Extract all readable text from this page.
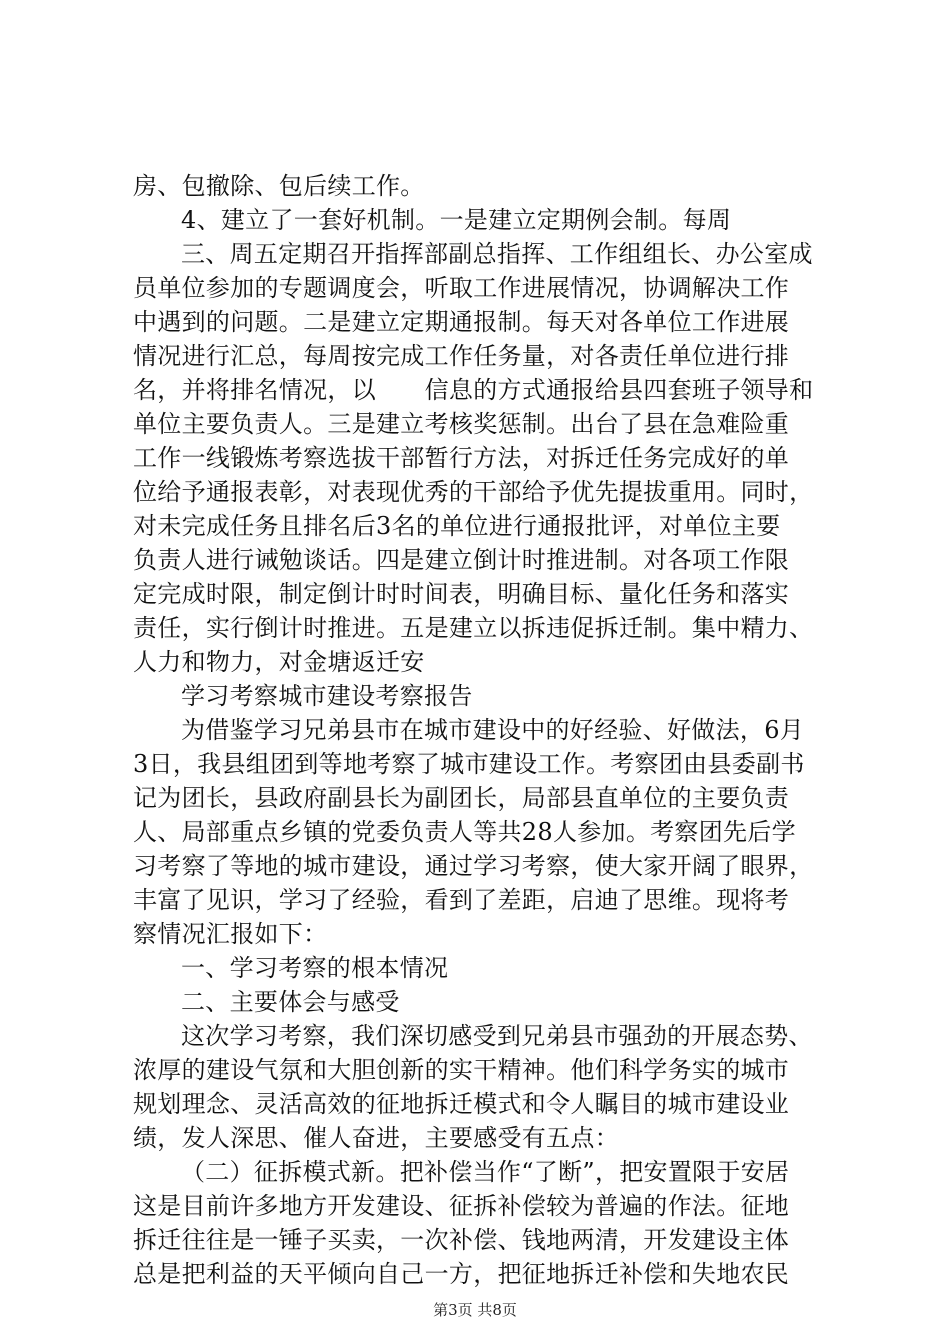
房、包撤除、包后续工作。
4、建立了一套好机制。一是建立定期例会制。每周
三、周五定期召开指挥部副总指挥、工作组组长、办公室成
员单位参加的专题调度会，听取工作进展情况，协调解决工作
中遇到的问题。二是建立定期通报制。每天对各单位工作进展
情况进行汇总，每周按完成工作任务量，对各责任单位进行排
名，并将排名情况，以　　信息的方式通报给县四套班子领导和
单位主要负责人。三是建立考核奖惩制。出台了县在急难险重
工作一线锻炼考察选拔干部暂行方法，对拆迁任务完成好的单
位给予通报表彰，对表现优秀的干部给予优先提拔重用。同时，
对未完成任务且排名后3名的单位进行通报批评，对单位主要
负责人进行诫勉谈话。四是建立倒计时推进制。对各项工作限
定完成时限，制定倒计时时间表，明确目标、量化任务和落实
责任，实行倒计时推进。五是建立以拆违促拆迁制。集中精力、
人力和物力，对金塘返迁安
学习考察城市建设考察报告
为借鉴学习兄弟县市在城市建设中的好经验、好做法，6月
3日，我县组团到等地考察了城市建设工作。考察团由县委副书
记为团长，县政府副县长为副团长，局部县直单位的主要负责
人、局部重点乡镇的党委负责人等共28人参加。考察团先后学
习考察了等地的城市建设，通过学习考察，使大家开阔了眼界，
丰富了见识，学习了经验，看到了差距，启迪了思维。现将考
察情况汇报如下：
一、学习考察的根本情况
二、主要体会与感受
这次学习考察，我们深切感受到兄弟县市强劲的开展态势、
浓厚的建设气氛和大胆创新的实干精神。他们科学务实的城市
规划理念、灵活高效的征地拆迁模式和令人瞩目的城市建设业
绩，发人深思、催人奋进，主要感受有五点：
（二）征拆模式新。把补偿当作“了断”，把安置限于安居
这是目前许多地方开发建设、征拆补偿较为普遍的作法。征地
拆迁往往是一锤子买卖，一次补偿、钱地两清，开发建设主体
总是把利益的天平倾向自己一方，把征地拆迁补偿和失地农民
第3页 共8页
